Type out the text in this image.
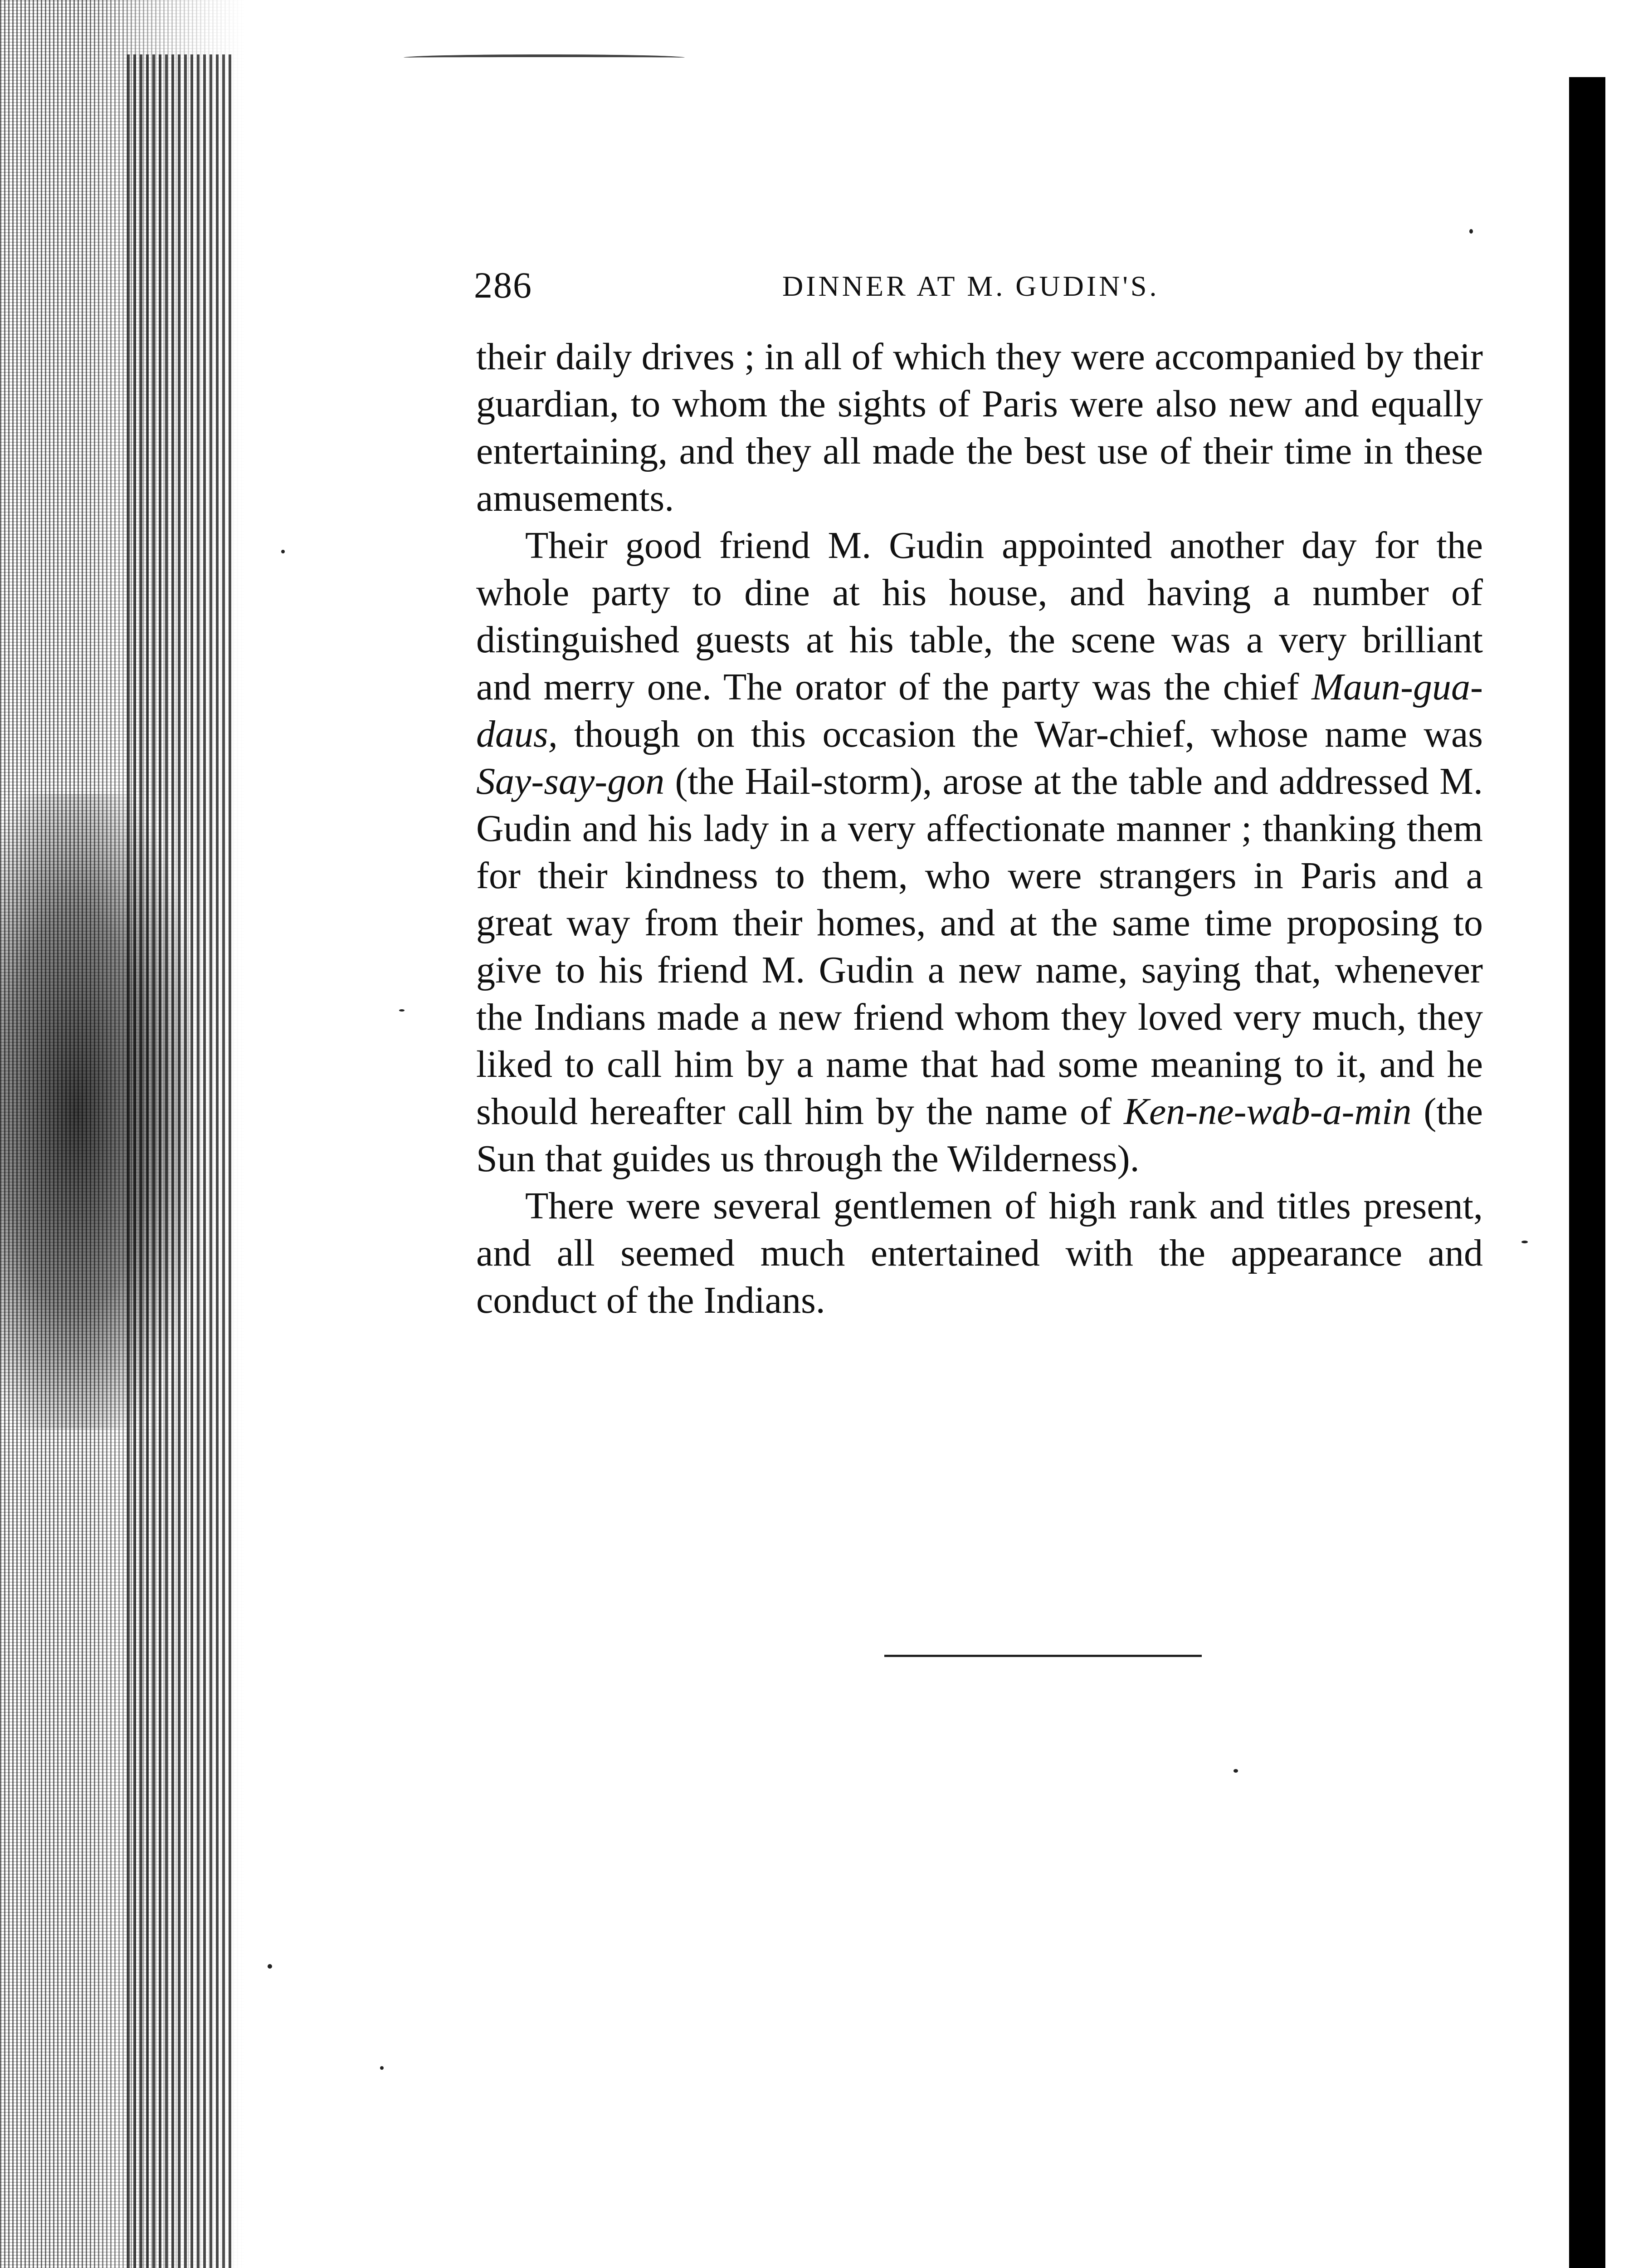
286	DINNER AT M. GUDIN'S.

their daily drives ; in all of which they were accompanied by their guardian, to whom the sights of Paris were also new and equally entertaining, and they all made the best use of their time in these amusements.

Their good friend M. Gudin appointed another day for the whole party to dine at his house, and having a number of distinguished guests at his table, the scene was a very brilliant and merry one. The orator of the party was the chief Maun-gua-daus, though on this occasion the War-chief, whose name was Say-say-gon (the Hail-storm), arose at the table and addressed M. Gudin and his lady in a very affectionate manner ; thanking them for their kindness to them, who were strangers in Paris and a great way from their homes, and at the same time proposing to give to his friend M. Gudin a new name, saying that, whenever the Indians made a new friend whom they loved very much, they liked to call him by a name that had some meaning to it, and he should hereafter call him by the name of Ken-ne-wab-a-min (the Sun that guides us through the Wilderness).

There were several gentlemen of high rank and titles present, and all seemed much entertained with the appearance and conduct of the Indians.
